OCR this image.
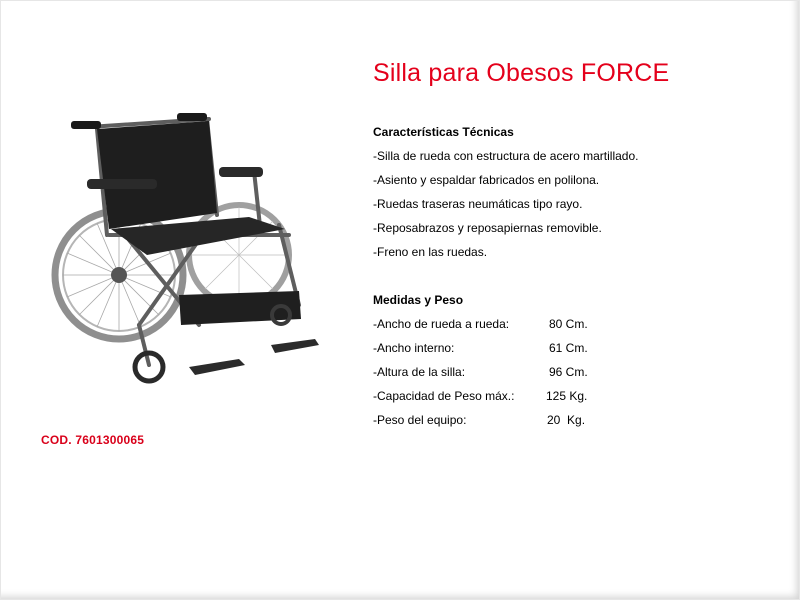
Silla para Obesos FORCE
COD. 7601300065
Características Técnicas
-Silla de rueda con estructura de acero martillado.
-Asiento y espaldar fabricados en polilona.
-Ruedas traseras neumáticas tipo rayo.
-Reposabrazos y reposapiernas removible.
-Freno en las ruedas.
Medidas y Peso
-Ancho de rueda a rueda:	80 Cm.
-Ancho interno:	61 Cm.
-Altura de la silla:	96 Cm.
-Capacidad de Peso máx.:	125 Kg.
-Peso del equipo:	20  Kg.
